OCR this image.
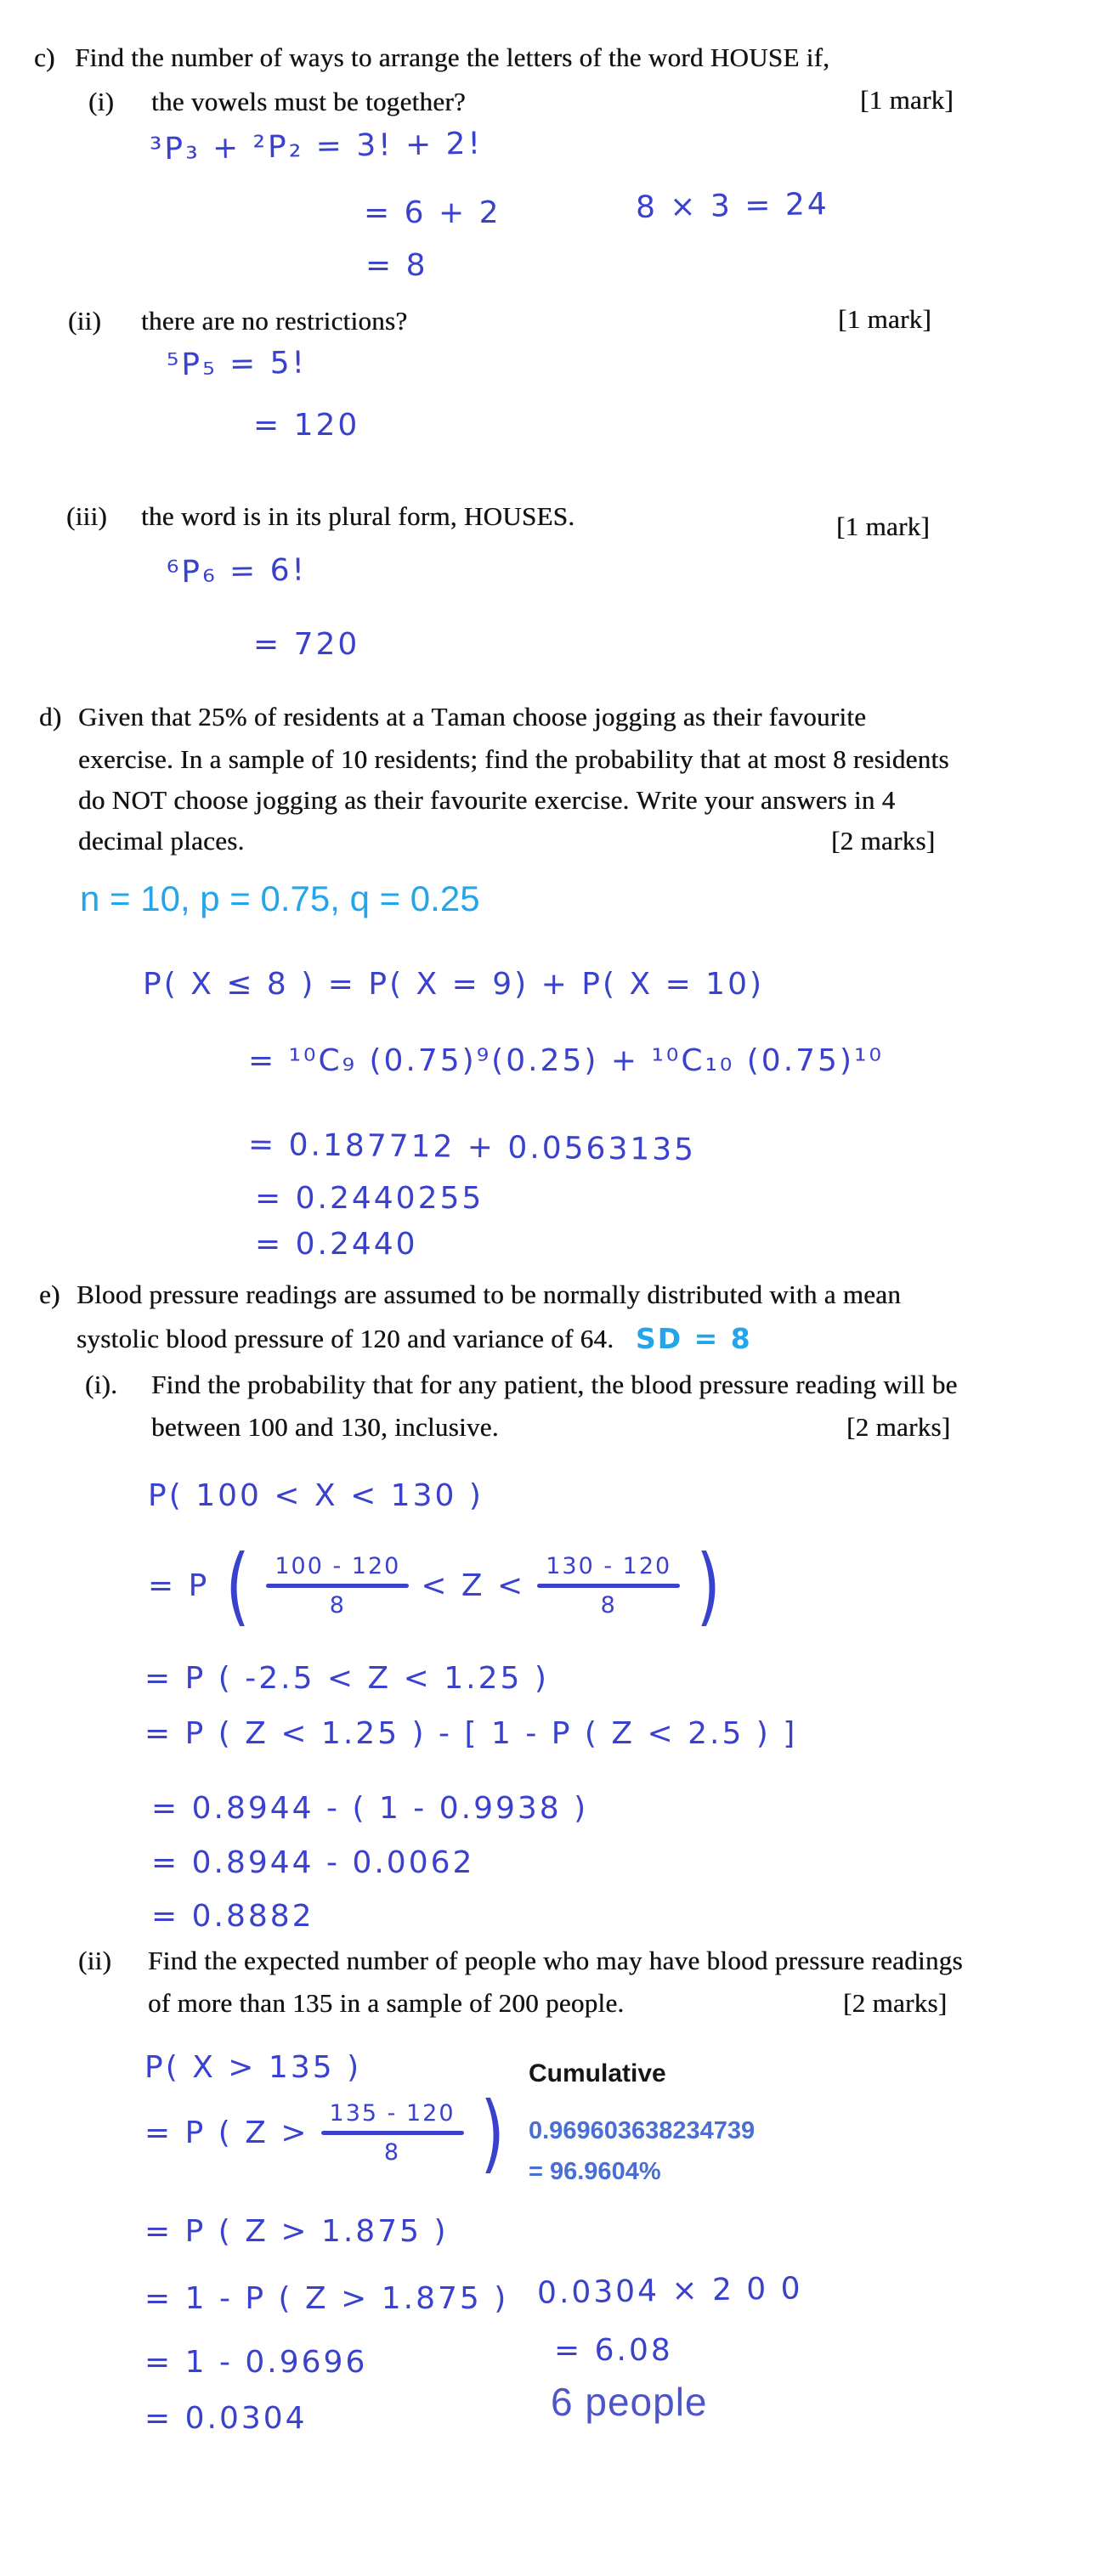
c) Find the number of ways to arrange the letters of the word HOUSE if,
(i) the vowels must be together?	[1 mark]
³P₃ + ²P₂ = 3! + 2!
= 6 + 2	8 × 3 = 24
= 8
(ii) there are no restrictions?	[1 mark]
⁵P₅ = 5!
= 120
(iii) the word is in its plural form, HOUSES.	[1 mark]
⁶P₆ = 6!
= 720
d) Given that 25% of residents at a Taman choose jogging as their favourite
exercise. In a sample of 10 residents; find the probability that at most 8 residents
do NOT choose jogging as their favourite exercise. Write your answers in 4
decimal places.	[2 marks]
n = 10, p = 0.75, q = 0.25
P( X ≤ 8 ) = P( X = 9) + P( X = 10)
= ¹⁰C₉ (0.75)⁹(0.25) + ¹⁰C₁₀ (0.75)¹⁰
= 0.187712 + 0.0563135
= 0.2440255
= 0.2440
e) Blood pressure readings are assumed to be normally distributed with a mean
systolic blood pressure of 120 and variance of 64. SD = 8
(i). Find the probability that for any patient, the blood pressure reading will be
between 100 and 130, inclusive.	[2 marks]
P( 100 < X < 130 )
= P (	100 - 120
8
< Z <
130 - 120
8 )
= P ( -2.5 < Z < 1.25 )
= P ( Z < 1.25 ) - [ 1 - P ( Z < 2.5 ) ]
= 0.8944 - ( 1 - 0.9938 )
= 0.8944 - 0.0062
= 0.8882
(ii) Find the expected number of people who may have blood pressure readings
of more than 135 in a sample of 200 people.	[2 marks]
P( X > 135 )	Cumulative
= P ( Z >
135 - 120
8 ) 0.969603638234739
= 96.9604%
= P ( Z > 1.875 )
= 1 - P ( Z > 1.875 ) 0.0304 × 2 0 0
= 1 - 0.9696	= 6.08
= 0.0304	6 people
